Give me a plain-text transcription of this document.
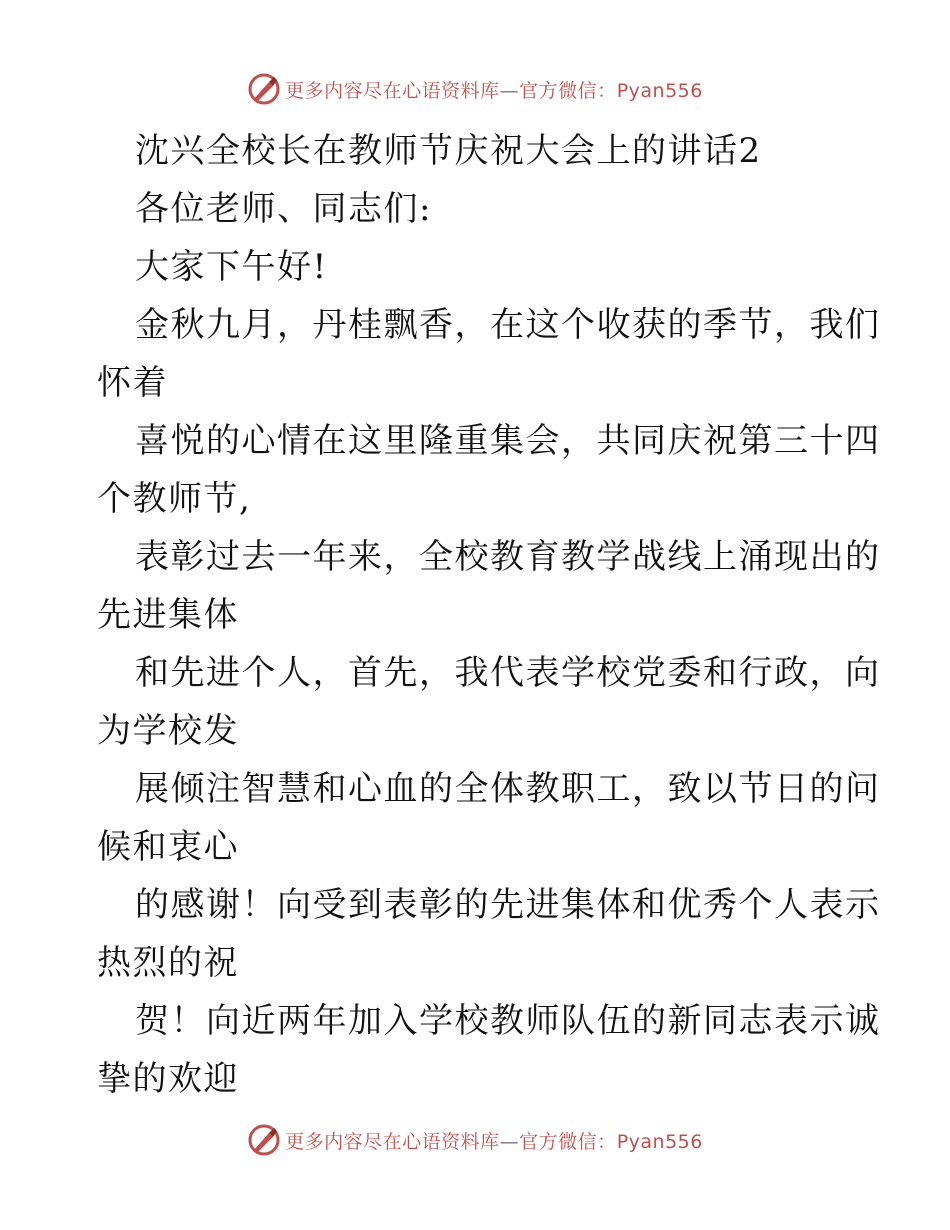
更多内容尽在心语资料库—官方微信：Pyan556
沈兴全校长在教师节庆祝大会上的讲话2
各位老师、同志们:
大家下午好!
金秋九月，丹桂飘香，在这个收获的季节，我们
怀着
喜悦的心情在这里隆重集会，共同庆祝第三十四
个教师节,
表彰过去一年来，全校教育教学战线上涌现出的
先进集体
和先进个人，首先，我代表学校党委和行政，向
为学校发
展倾注智慧和心血的全体教职工，致以节日的问
候和衷心
的感谢！向受到表彰的先进集体和优秀个人表示
热烈的祝
贺！向近两年加入学校教师队伍的新同志表示诚
挚的欢迎
更多内容尽在心语资料库—官方微信：Pyan556
